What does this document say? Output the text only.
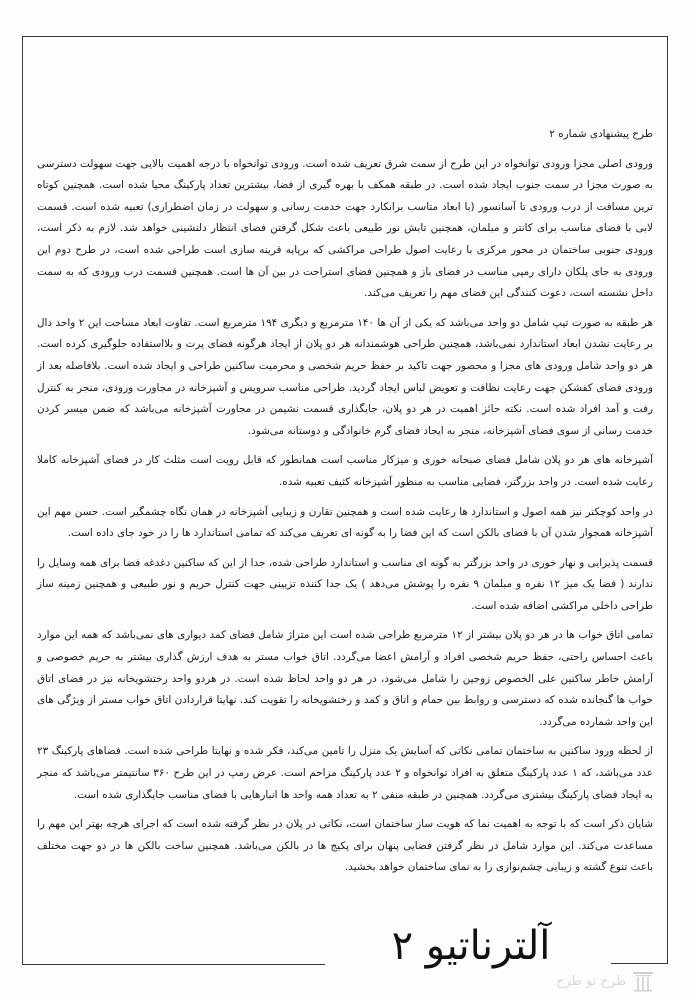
طرح پیشنهادی شماره ۲

ورودی اصلی مجزا ورودی توانخواه در این طرح از سمت شرق تعریف شده است. ورودی توانخواه با درجه اهمیت بالایی جهت سهولت دسترسی به صورت مجزا در سمت جنوب ایجاد شده است. در طبقه همکف با بهره گیری از فضا، بیشترین تعداد پارکینگ محیا شده است. همچنین کوتاه ترین مسافت از درب ورودی تا آسانسور (با ابعاد متاسب برانکارد جهت خدمت رسانی و سهولت در زمان اضطراری) تعبیه شده است. قسمت لابی با فضای مناسب برای کانتر و مبلمان، همچنین تابش نور طبیعی باعث شکل گرفتن فضای انتظار دلنشینی خواهد شد. لازم به ذکر است، ورودی جنوبی ساختمان در محور مرکزی با رعایت اصول طراحی مراکشی که برپایه قرینه سازی است طراحی شده است، در طرح دوم این ورودی به جای پلکان دارای رمپی مناسب در فضای باز و همچنین فضای استراحت در بین آن ها است. همچنین قسمت درب ورودی که به سمت داخل نشسته است، دعوت کنندگی این فضای مهم را تعریف می‌کند.

هر طبقه به صورت تیپ شامل دو واحد می‌باشد که یکی از آن ها ۱۴۰ مترمربع و دیگری ۱۹۴ مترمربع است. تفاوت ابعاد مساحت این ۲ واحد دال بر رعایت نشدن ابعاد استاندارد نمی‌باشد، همچنین طراحی هوشمندانه هر دو پلان از ایجاد هرگونه فضای پرت و بلااستفاده جلوگیری کرده است. هر دو واحد شامل ورودی های مجزا و محصور جهت تاکید بر حفظ حریم شخصی و محرمیت ساکنین طراحی و ایجاد شده است. بلافاصله بعد از ورودی فضای کفشکن جهت رعایت نظافت و تعویض لباس ایجاد گردید. طراحی مناسب سرویس و آشپزخانه در مجاورت ورودی، منجر به کنترل رفت و آمد افراد شده است. نکته حائز اهمیت در هر دو پلان، جایگذاری قسمت نشیمن در مجاورت آشپزخانه می‌باشد که ضمن میسر کردن خدمت رسانی از سوی فضای آشپزخانه، منجر به ایجاد فضای گرم خانوادگی و دوستانه می‌شود.

آشپزخانه های هر دو پلان شامل فضای صبحانه خوری و میزکار مناسب است همانطور که قابل رویت است مثلث کار در فضای آشپزخانه کاملا رعایت شده است. در واحد بزرگتر، فضایی مناسب به منظور آشپزخانه کثیف تعبیه شده.

در واحد کوچکتر نیز همه اصول و استاندارد ها رعایت شده است و همچنین تقارن و زیبایی آشپزخانه در همان نگاه چشمگیر است. حسن مهم این آشپزخانه همجوار شدن آن با فضای بالکن است که این فضا را به گونه ای تعریف می‌کند که تمامی استاندارد ها را در خود جای داده است.

قسمت پذیرایی و نهار خوری در واحد بزرگتر به گونه ای مناسب و استاندارد طراحی شده، جدا از این که ساکنین دغدغه فضا برای همه وسایل را ندارند ( فضا یک میز ۱۲ نفره و مبلمان ۹ نفره را پوشش می‌دهد ) یک جدا کننده تزیینی جهت کنترل حریم و نور طبیعی و همچنین زمینه ساز طراحی داخلی مراکشی اضافه شده است.

تمامی اتاق خواب ها در هر دو پلان بیشتر از ۱۲ مترمربع طراحی شده است این متراژ شامل فضای کمد دیواری های نمی‌باشد که همه این موارد باعث احساس راحتی، حفظ حریم شخصی افراد و آرامش اعضا می‌گردد. اتاق خواب مستر به هدف ارزش گذاری بیشتر به حریم خصوصی و آرامش خاطر ساکنین علی الخصوص زوجین را شامل می‌شود، در هر دو واحد لحاظ شده است. در هردو واحد رختشویخانه نیز در فضای اتاق خواب ها گنجانده شده که دسترسی و روابط بین حمام و اتاق و کمد و رختشویخانه را تقویت کند. نهایتا قراردادن اتاق خواب مستر از ویژگی های این واحد شمارده می‌گردد.

از لحظه ورود ساکنین به ساختمان تمامی نکاتی که آسایش یک منزل را تامین می‌کند، فکر شده و نهایتا طراحی شده است. فضاهای پارکینگ ۲۳ عدد می‌باشد، که ۱ عدد پارکینگ متعلق به افراد توانخواه و ۲ عدد پارکینگ مزاحم است. عرض رمپ در این طرح ۳۶۰ سانتیمتر می‌باشد که منجر به ایجاد فضای پارکینگ بیشتری می‌گردد. همچنین در طبقه منفی ۲ به تعداد همه واحد ها انبارهایی با فضای مناسب جایگذاری شده است.

شایان ذکر است که با توجه به اهمیت نما که هویت ساز ساختمان است، نکاتی در پلان در نظر گرفته شده است که اجرای هرچه بهتر این مهم را مساعدت می‌کند. این موارد شامل در نظر گرفتن فضایی پنهان برای پکیج ها در بالکن می‌باشد. همچنین ساخت بالکن ها در دو جهت مختلف باعث تنوع گشته و زیبایی چشم‌نوازی را به نمای ساختمان خواهد بخشید.

آلترناتیو ۲
طرح تو طرح
